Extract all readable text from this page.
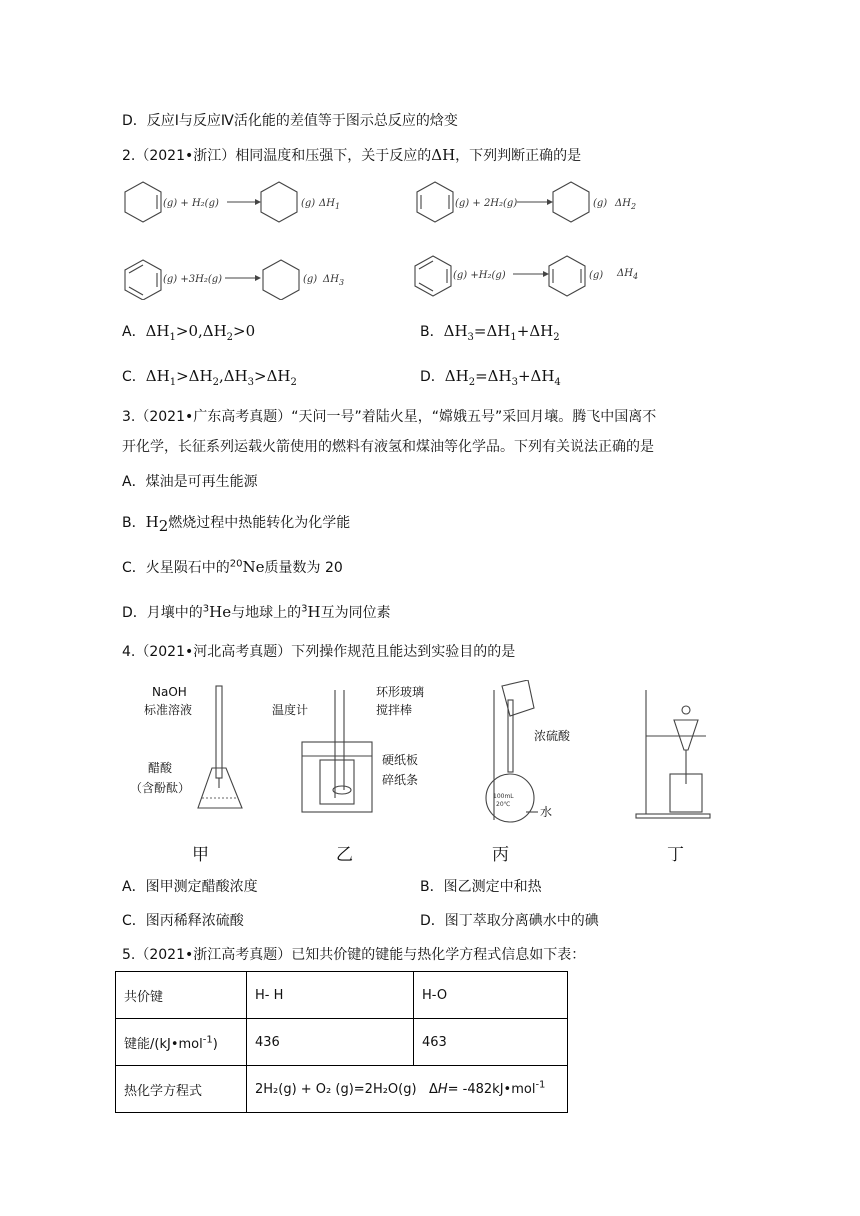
D．反应Ⅰ与反应Ⅳ活化能的差值等于图示总反应的焓变
2.（2021•浙江）相同温度和压强下，关于反应的ΔH，下列判断正确的是
(g) + H₂(g)	(g) $\Delta H_1$	(g) + 2H₂(g)	(g) $\Delta H_2$
(g) +3H₂(g)	(g) $\Delta H_3$
(g) +H₂(g)	(g) $\Delta H_4$
A．$\Delta H_1>0,\Delta H_2>0$	B．$\Delta H_3=\Delta H_1+\Delta H_2$
C．$\Delta H_1>\Delta H_2,\Delta H_3>\Delta H_2$	D．$\Delta H_2=\Delta H_3+\Delta H_4$
3.（2021•广东高考真题）“天问一号”着陆火星，“嫦娥五号”采回月壤。腾飞中国离不
开化学，长征系列运载火箭使用的燃料有液氢和煤油等化学品。下列有关说法正确的是
A．煤油是可再生能源
B．$H_2$燃烧过程中热能转化为化学能
C．火星陨石中的$^{20}$Ne质量数为 20
D．月壤中的$^3$He与地球上的$^3$H互为同位素
4.（2021•河北高考真题）下列操作规范且能达到实验目的的是
NaOH
标准溶液
醋酸
（含酚酞）
温度计
环形玻璃
搅拌棒
硬纸板
碎纸条
浓硫酸
100mL
20℃
水
甲	乙	丙	丁
A．图甲测定醋酸浓度	B．图乙测定中和热
C．图丙稀释浓硫酸	D．图丁萃取分离碘水中的碘
5.（2021•浙江高考真题）已知共价键的键能与热化学方程式信息如下表：
共价键	H- H	H-O
键能/(kJ•mol$^{-1}$)	436	463
热化学方程式	2H₂(g) + O₂ (g)=2H₂O(g) ΔH= -482kJ•mol$^{-1}$
